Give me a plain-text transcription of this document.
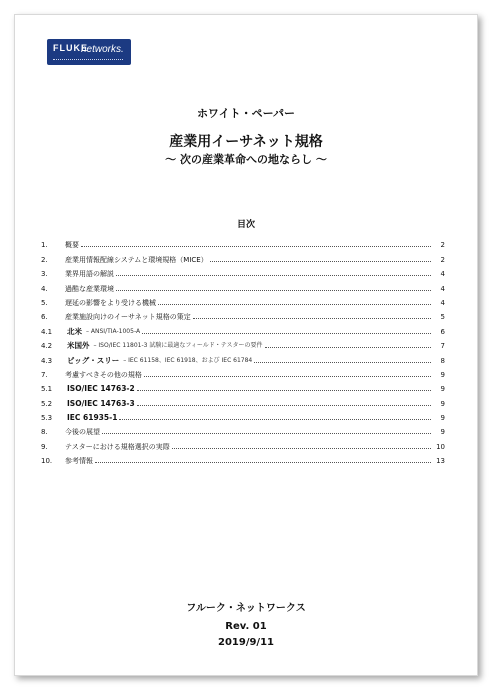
FLUKE
networks.
ホワイト・ペーパー
産業用イーサネット規格
～ 次の産業革命への地ならし ～
目次
1.	概要	2
2.	産業用情報配線システムと環境規格（MICE）	2
3.	業界用語の解説	4
4.	過酷な産業環境	4
5.	遅延の影響をより受ける機械	4
6.	産業施設向けのイーサネット規格の策定	5
4.1	北米 – ANSI/TIA-1005-A	6
4.2	米国外 – ISO/IEC 11801-3 試験に最適なフィールド・テスターの要件	7
4.3	ビッグ・スリー – IEC 61158、IEC 61918、および IEC 61784	8
7.	考慮すべきその他の規格	9
5.1	ISO/IEC 14763-2	9
5.2	ISO/IEC 14763-3	9
5.3	IEC 61935-1	9
8.	今後の展望	9
9.	テスターにおける規格選択の実際	10
10.	参考情報	13
フルーク・ネットワークス
Rev. 01
2019/9/11
